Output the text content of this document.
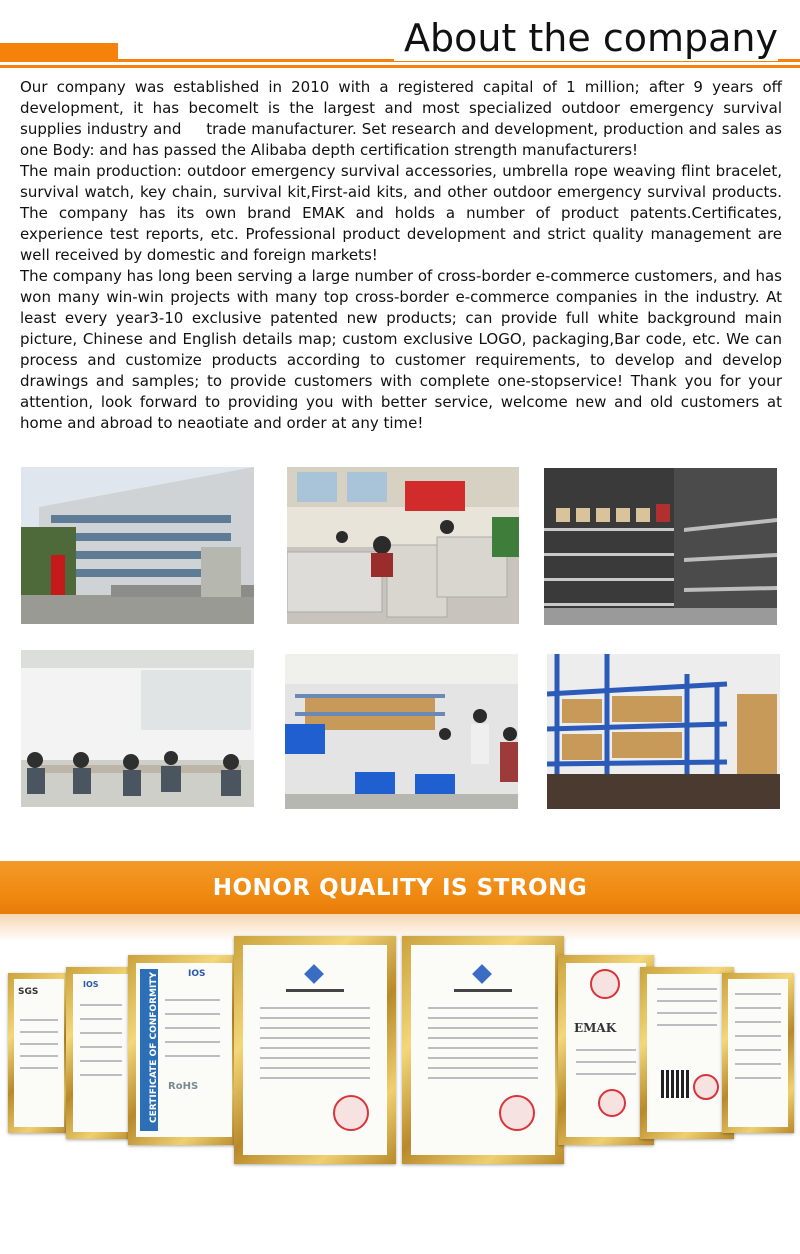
About the company

Our company was established in 2010 with a registered capital of 1 million; after 9 years off development, it has becomelt is the largest and most specialized outdoor emergency survival supplies industry and     trade manufacturer. Set research and development, production and sales as one Body: and has passed the Alibaba depth certification strength manufacturers!

The main production: outdoor emergency survival accessories, umbrella rope weaving flint bracelet, survival watch, key chain, survival kit,First-aid kits, and other outdoor emergency survival products. The company has its own brand EMAK and holds a number of product patents.Certificates, experience test reports, etc. Professional product development and strict quality management are well received by domestic and foreign markets!

The company has long been serving a large number of cross-border e-commerce customers, and has won many win-win projects with many top cross-border e-commerce companies in the industry. At least every year3-10 exclusive patented new products; can provide full white background main picture, Chinese and English details map; custom exclusive LOGO, packaging,Bar code, etc. We can process and customize products according to customer requirements, to develop and develop drawings and samples; to provide customers with complete one-stopservice! Thank you for your attention, look forward to providing you with better service, welcome new and old customers at home and abroad to neaotiate and order at any time!

HONOR QUALITY IS STRONG
SGS
IOS	CERTIFICATE OF CONFORMITY	IOS
RoHS
EMAK
